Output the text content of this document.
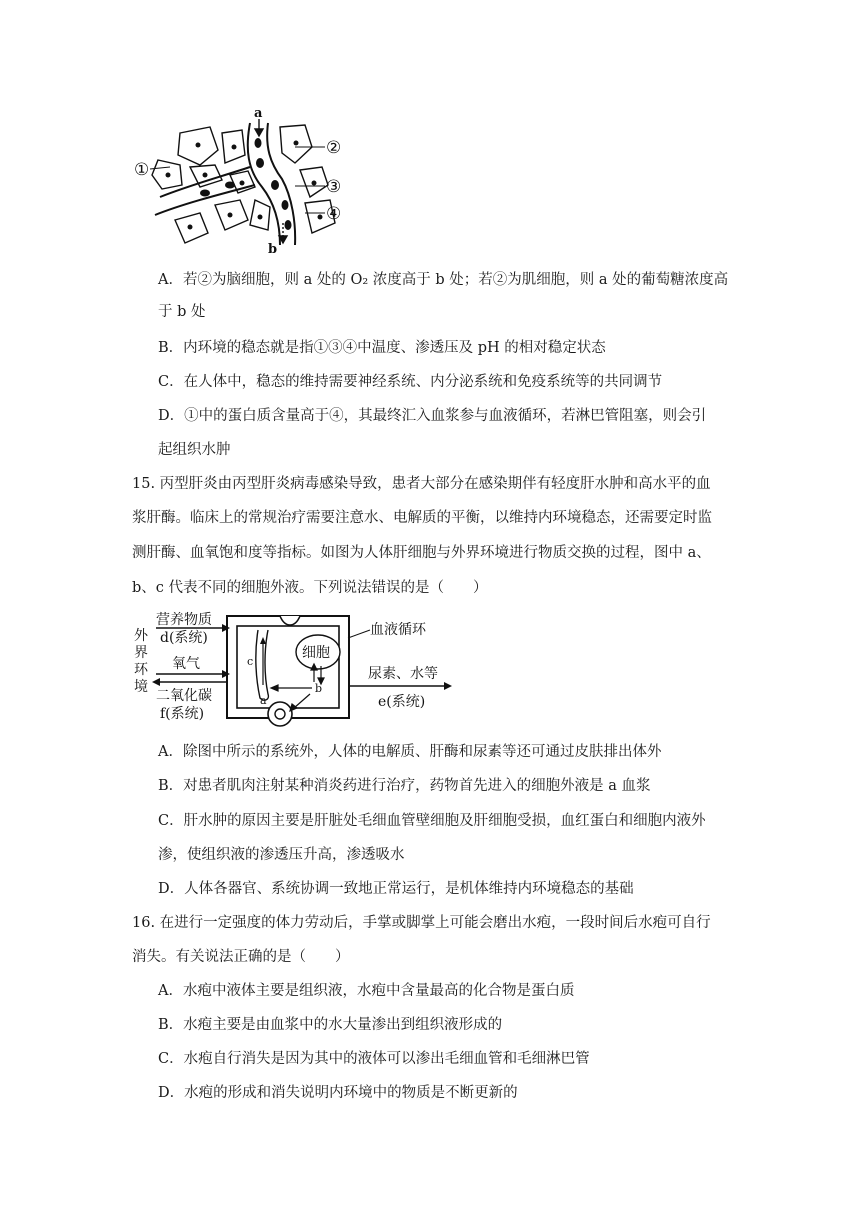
a
b
①
②
③
④
A．若②为脑细胞，则 a 处的 O₂ 浓度高于 b 处；若②为肌细胞，则 a 处的葡萄糖浓度高
于 b 处
B．内环境的稳态就是指①③④中温度、渗透压及 pH 的相对稳定状态
C．在人体中，稳态的维持需要神经系统、内分泌系统和免疫系统等的共同调节
D．①中的蛋白质含量高于④，其最终汇入血浆参与血液循环，若淋巴管阻塞，则会引
起组织水肿
15. 丙型肝炎由丙型肝炎病毒感染导致，患者大部分在感染期伴有轻度肝水肿和高水平的血
浆肝酶。临床上的常规治疗需要注意水、电解质的平衡，以维持内环境稳态，还需要定时监
测肝酶、血氧饱和度等指标。如图为人体肝细胞与外界环境进行物质交换的过程，图中 a、
b、c 代表不同的细胞外液。下列说法错误的是（　　）
外
界
环
境
c
细胞
b
a
营养物质
d(系统)
氧气
二氧化碳
f(系统)
血液循环
尿素、水等
e(系统)
A．除图中所示的系统外，人体的电解质、肝酶和尿素等还可通过皮肤排出体外
B．对患者肌肉注射某种消炎药进行治疗，药物首先进入的细胞外液是 a 血浆
C．肝水肿的原因主要是肝脏处毛细血管壁细胞及肝细胞受损，血红蛋白和细胞内液外
渗，使组织液的渗透压升高，渗透吸水
D．人体各器官、系统协调一致地正常运行，是机体维持内环境稳态的基础
16. 在进行一定强度的体力劳动后，手掌或脚掌上可能会磨出水疱，一段时间后水疱可自行
消失。有关说法正确的是（　　）
A．水疱中液体主要是组织液，水疱中含量最高的化合物是蛋白质
B．水疱主要是由血浆中的水大量渗出到组织液形成的
C．水疱自行消失是因为其中的液体可以渗出毛细血管和毛细淋巴管
D．水疱的形成和消失说明内环境中的物质是不断更新的
